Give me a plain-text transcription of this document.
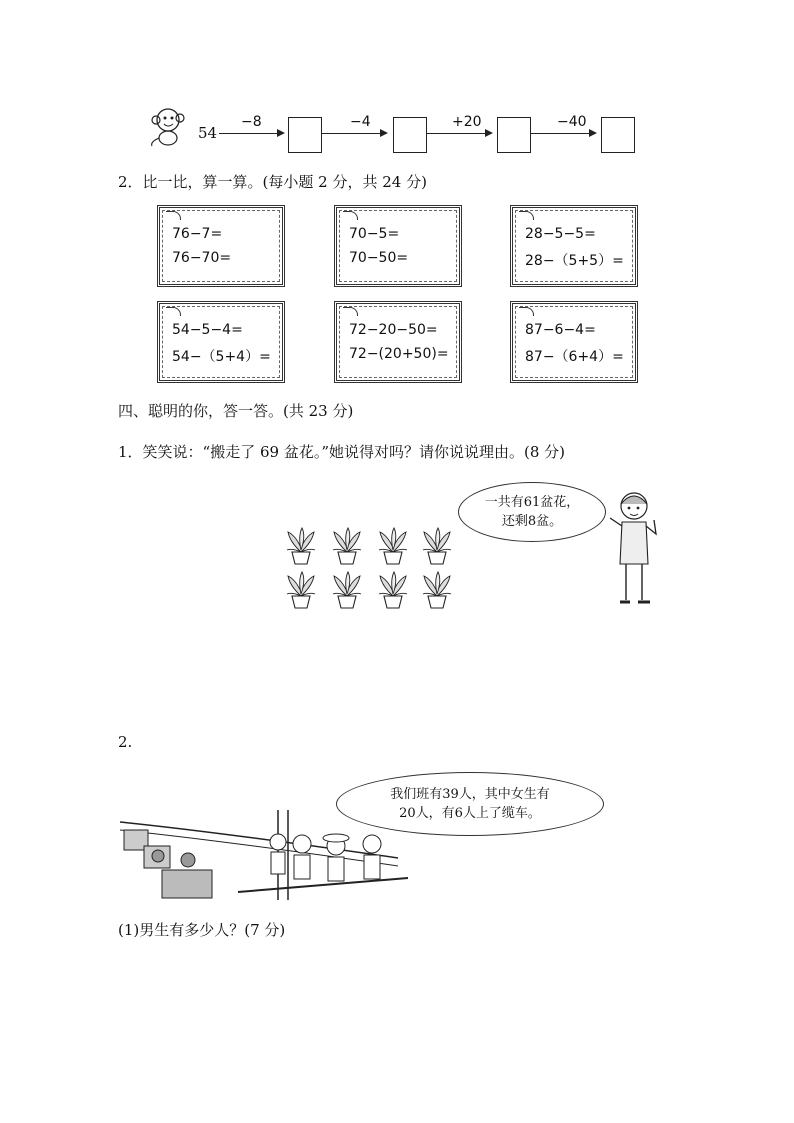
54
−8	−4	+20	−40
2．比一比，算一算。(每小题 2 分，共 24 分)
76−7=
76−70=
70−5=
70−50=
28−5−5=
28−（5+5）=
54−5−4=
54−（5+4）=
72−20−50=
72−(20+50)=
87−6−4=
87−（6+4）=
四、聪明的你，答一答。(共 23 分)
1．笑笑说：“搬走了 69 盆花。”她说得对吗？请你说说理由。(8 分)
一共有61盆花，
还剩8盆。
2.
我们班有39人，其中女生有
20人，有6人上了缆车。
(1)男生有多少人？(7 分)
